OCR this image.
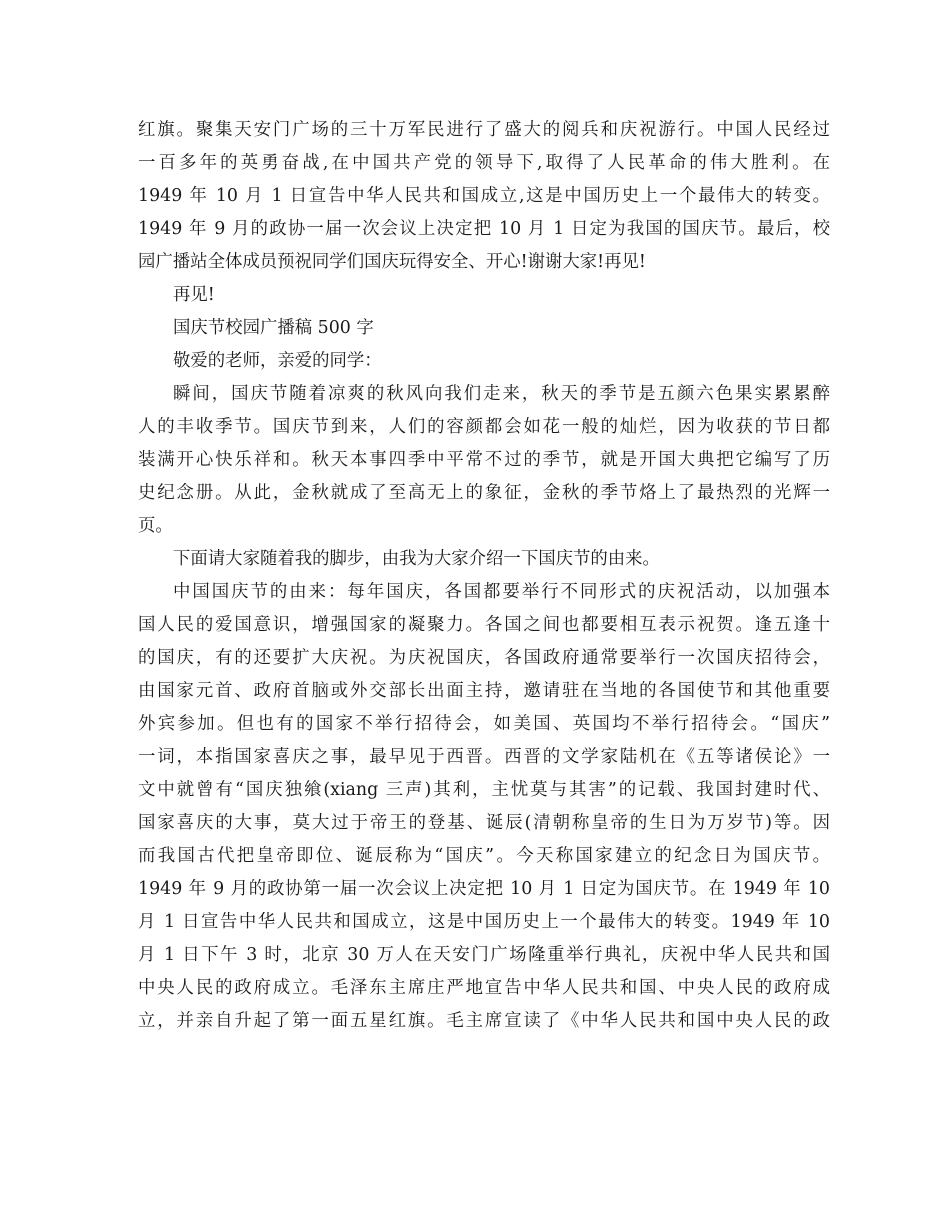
红旗。聚集天安门广场的三十万军民进行了盛大的阅兵和庆祝游行。中国人民经过
一百多年的英勇奋战,在中国共产党的领导下,取得了人民革命的伟大胜利。在
1949 年 10 月 1 日宣告中华人民共和国成立,这是中国历史上一个最伟大的转变。
1949 年 9 月的政协一届一次会议上决定把 10 月 1 日定为我国的国庆节。最后，校
园广播站全体成员预祝同学们国庆玩得安全、开心!谢谢大家!再见!
再见!
国庆节校园广播稿 500 字
敬爱的老师，亲爱的同学：
瞬间，国庆节随着凉爽的秋风向我们走来，秋天的季节是五颜六色果实累累醉
人的丰收季节。国庆节到来，人们的容颜都会如花一般的灿烂，因为收获的节日都
装满开心快乐祥和。秋天本事四季中平常不过的季节，就是开国大典把它编写了历
史纪念册。从此，金秋就成了至高无上的象征，金秋的季节烙上了最热烈的光辉一
页。
下面请大家随着我的脚步，由我为大家介绍一下国庆节的由来。
中国国庆节的由来：每年国庆，各国都要举行不同形式的庆祝活动，以加强本
国人民的爱国意识，增强国家的凝聚力。各国之间也都要相互表示祝贺。逢五逢十
的国庆，有的还要扩大庆祝。为庆祝国庆，各国政府通常要举行一次国庆招待会，
由国家元首、政府首脑或外交部长出面主持，邀请驻在当地的各国使节和其他重要
外宾参加。但也有的国家不举行招待会，如美国、英国均不举行招待会。“国庆”
一词，本指国家喜庆之事，最早见于西晋。西晋的文学家陆机在《五等诸侯论》一
文中就曾有“国庆独飨(xiang 三声)其利，主忧莫与其害”的记载、我国封建时代、
国家喜庆的大事，莫大过于帝王的登基、诞辰(清朝称皇帝的生日为万岁节)等。因
而我国古代把皇帝即位、诞辰称为“国庆”。今天称国家建立的纪念日为国庆节。
1949 年 9 月的政协第一届一次会议上决定把 10 月 1 日定为国庆节。在 1949 年 10
月 1 日宣告中华人民共和国成立，这是中国历史上一个最伟大的转变。1949 年 10
月 1 日下午 3 时，北京 30 万人在天安门广场隆重举行典礼，庆祝中华人民共和国
中央人民的政府成立。毛泽东主席庄严地宣告中华人民共和国、中央人民的政府成
立，并亲自升起了第一面五星红旗。毛主席宣读了《中华人民共和国中央人民的政
